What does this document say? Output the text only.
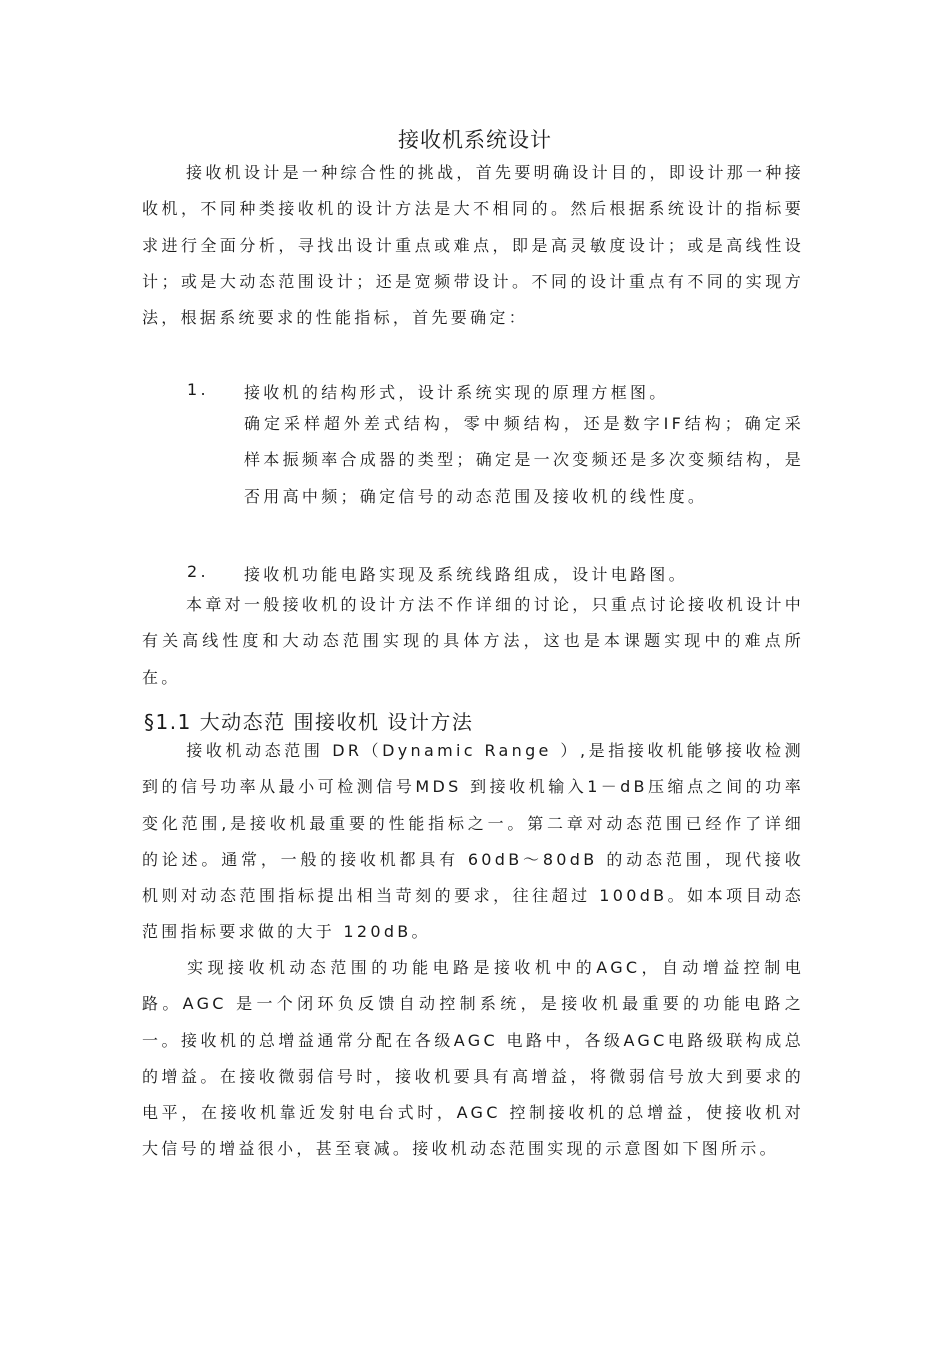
接收机系统设计

接收机设计是一种综合性的挑战，首先要明确设计目的，即设计那一种接收机，不同种类接收机的设计方法是大不相同的。然后根据系统设计的指标要求进行全面分析，寻找出设计重点或难点，即是高灵敏度设计；或是高线性设计；或是大动态范围设计；还是宽频带设计。不同的设计重点有不同的实现方法，根据系统要求的性能指标，首先要确定：

1. 接收机的结构形式，设计系统实现的原理方框图。

确定采样超外差式结构，零中频结构，还是数字IF结构；确定采样本振频率合成器的类型；确定是一次变频还是多次变频结构，是否用高中频；确定信号的动态范围及接收机的线性度。

2. 接收机功能电路实现及系统线路组成，设计电路图。

本章对一般接收机的设计方法不作详细的讨论，只重点讨论接收机设计中有关高线性度和大动态范围实现的具体方法，这也是本课题实现中的难点所在。

§1.1 大动态范 围接收机 设计方法

接收机动态范围 DR（Dynamic Range ）,是指接收机能够接收检测到的信号功率从最小可检测信号MDS 到接收机输入1－dB压缩点之间的功率变化范围,是接收机最重要的性能指标之一。第二章对动态范围已经作了详细的论述。通常，一般的接收机都具有 60dB～80dB 的动态范围，现代接收机则对动态范围指标提出相当苛刻的要求，往往超过 100dB。如本项目动态范围指标要求做的大于 120dB。

实现接收机动态范围的功能电路是接收机中的AGC，自动增益控制电路。AGC 是一个闭环负反馈自动控制系统，是接收机最重要的功能电路之一。接收机的总增益通常分配在各级AGC 电路中，各级AGC电路级联构成总的增益。在接收微弱信号时，接收机要具有高增益，将微弱信号放大到要求的电平，在接收机靠近发射电台式时，AGC 控制接收机的总增益，使接收机对大信号的增益很小，甚至衰减。接收机动态范围实现的示意图如下图所示。
